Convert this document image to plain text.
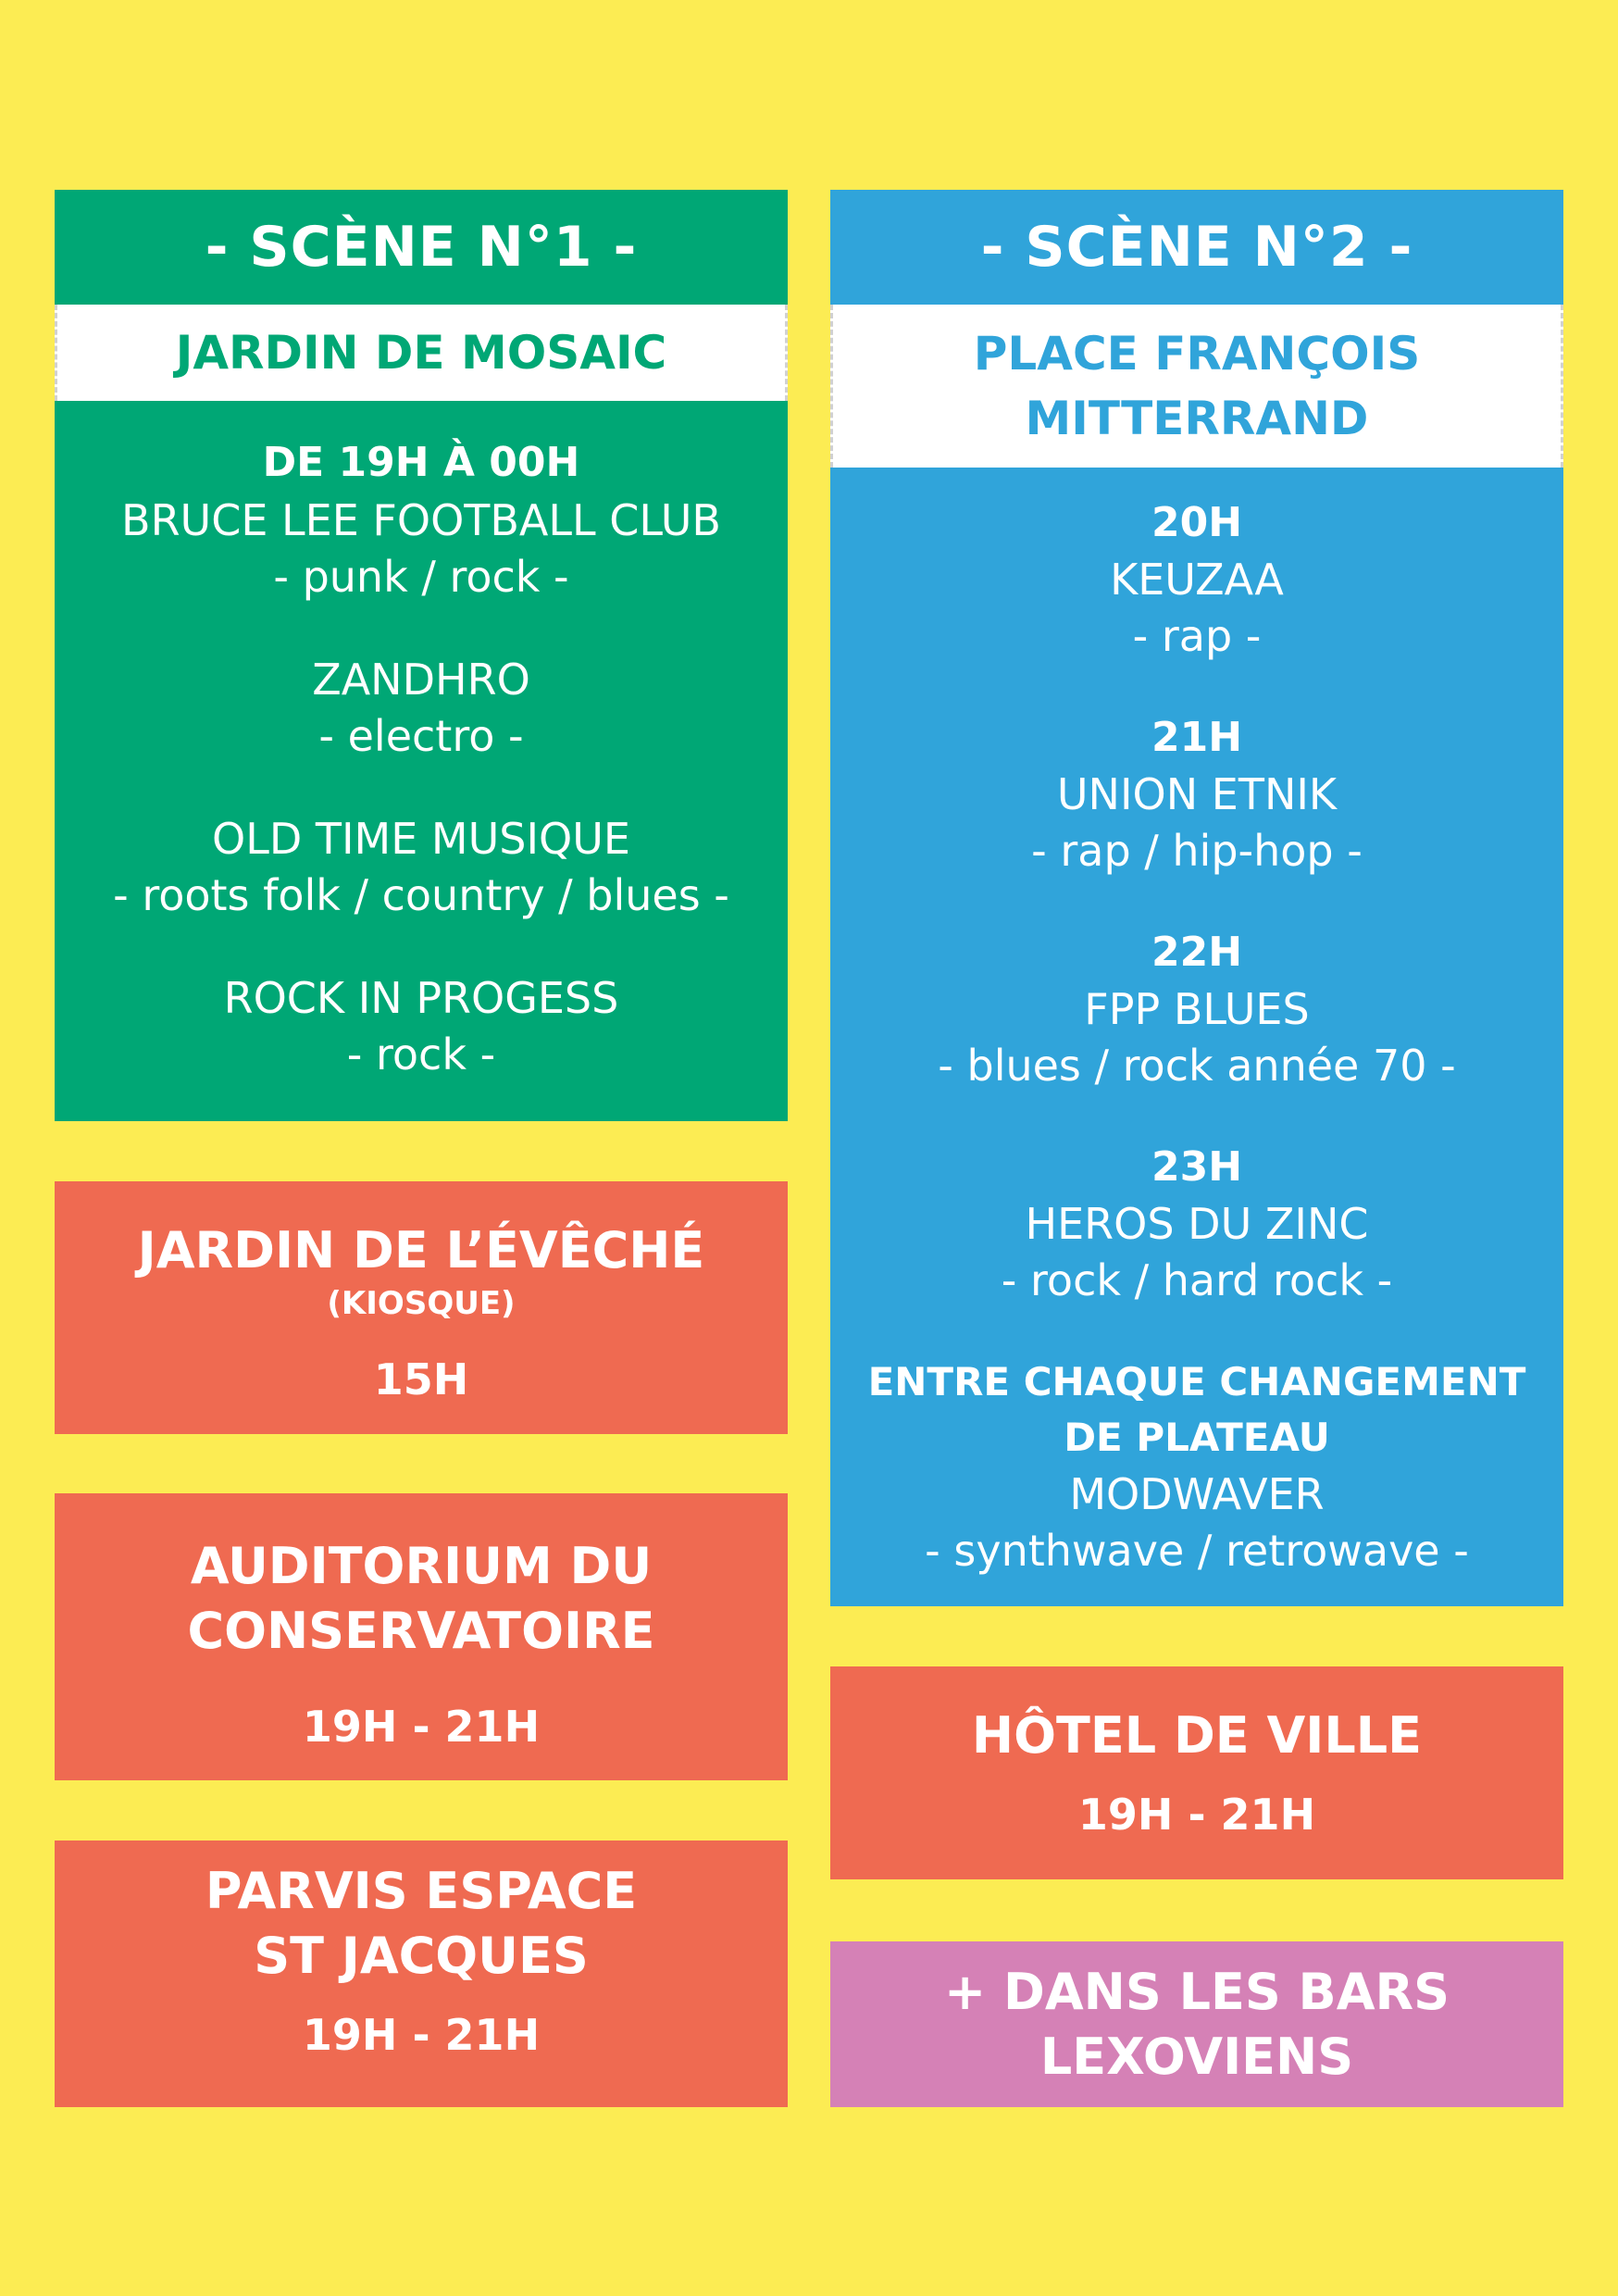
- SCÈNE N°1 -
JARDIN DE MOSAIC
DE 19H À 00H
BRUCE LEE FOOTBALL CLUB
- punk / rock -
ZANDHRO
- electro -
OLD TIME MUSIQUE
- roots folk / country / blues -
ROCK IN PROGESS
- rock -
- SCÈNE N°2 -
PLACE FRANÇOIS
MITTERRAND
20H
KEUZAA
- rap -
21H
UNION ETNIK
- rap / hip-hop -
22H
FPP BLUES
- blues / rock année 70 -
23H
HEROS DU ZINC
- rock / hard rock -
ENTRE CHAQUE CHANGEMENT
DE PLATEAU
MODWAVER
- synthwave / retrowave -
JARDIN DE L’ÉVÊCHÉ
(KIOSQUE)
15H
AUDITORIUM DU
CONSERVATOIRE
19H - 21H
PARVIS ESPACE
ST JACQUES
19H - 21H
HÔTEL DE VILLE
19H - 21H
+ DANS LES BARS
LEXOVIENS
